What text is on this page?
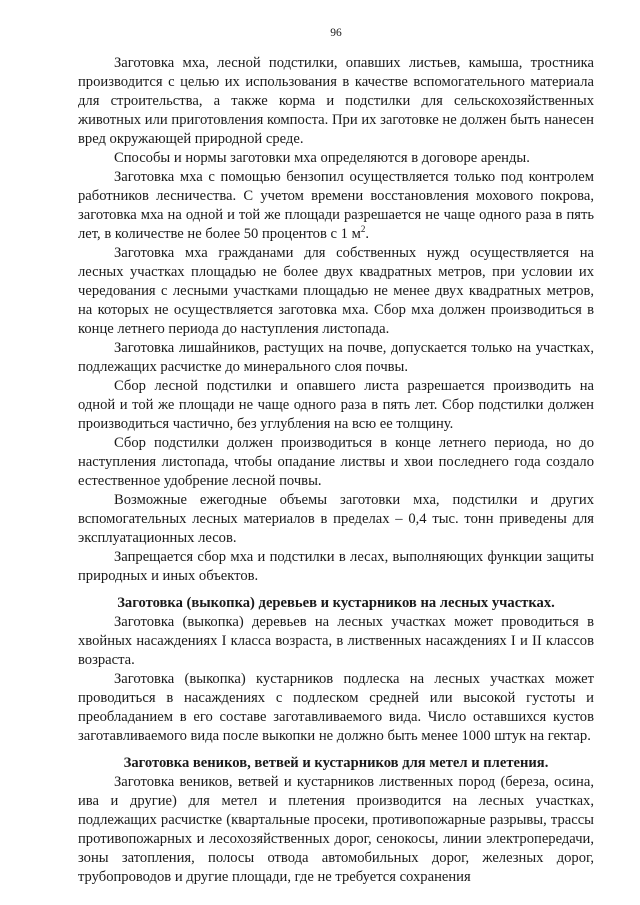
96

Заготовка мха, лесной подстилки, опавших листьев, камыша, тростника производится с целью их использования в качестве вспомогательного материала для строительства, а также корма и подстилки для сельскохозяйственных животных или приготовления компоста. При их заготовке не должен быть нанесен вред окружающей природной среде.

Способы и нормы заготовки мха определяются в договоре аренды.

Заготовка мха с помощью бензопил осуществляется только под контролем работников лесничества. С учетом времени восстановления мохового покрова, заготовка мха на одной и той же площади разрешается не чаще одного раза в пять лет, в количестве не более 50 процентов с 1 $м^2$.

Заготовка мха гражданами для собственных нужд осуществляется на лесных участках площадью не более двух квадратных метров, при условии их чередования с лесными участками площадью не менее двух квадратных метров, на которых не осуществляется заготовка мха. Сбор мха должен производиться в конце летнего периода до наступления листопада.

Заготовка лишайников, растущих на почве, допускается только на участках, подлежащих расчистке до минерального слоя почвы.

Сбор лесной подстилки и опавшего листа разрешается производить на одной и той же площади не чаще одного раза в пять лет. Сбор подстилки должен производиться частично, без углубления на всю ее толщину.

Сбор подстилки должен производиться в конце летнего периода, но до наступления листопада, чтобы опадание листвы и хвои последнего года создало естественное удобрение лесной почвы.

Возможные ежегодные объемы заготовки мха, подстилки и других вспомогательных лесных материалов в пределах – 0,4 тыс. тонн приведены для эксплуатационных лесов.

Запрещается сбор мха и подстилки в лесах, выполняющих функции защиты природных и иных объектов.

Заготовка (выкопка) деревьев и кустарников на лесных участках.

Заготовка (выкопка) деревьев на лесных участках может проводиться в хвойных насаждениях I класса возраста, в лиственных насаждениях I и II классов возраста.

Заготовка (выкопка) кустарников подлеска на лесных участках может проводиться в насаждениях с подлеском средней или высокой густоты и преобладанием в его составе заготавливаемого вида. Число оставшихся кустов заготавливаемого вида после выкопки не должно быть менее 1000 штук на гектар.

Заготовка веников, ветвей и кустарников для метел и плетения.

Заготовка веников, ветвей и кустарников лиственных пород (береза, осина, ива и другие) для метел и плетения производится на лесных участках, подлежащих расчистке (квартальные просеки, противопожарные разрывы, трассы противопожарных и лесохозяйственных дорог, сенокосы, линии электропередачи, зоны затопления, полосы отвода автомобильных дорог, железных дорог, трубопроводов и другие площади, где не требуется сохранения
